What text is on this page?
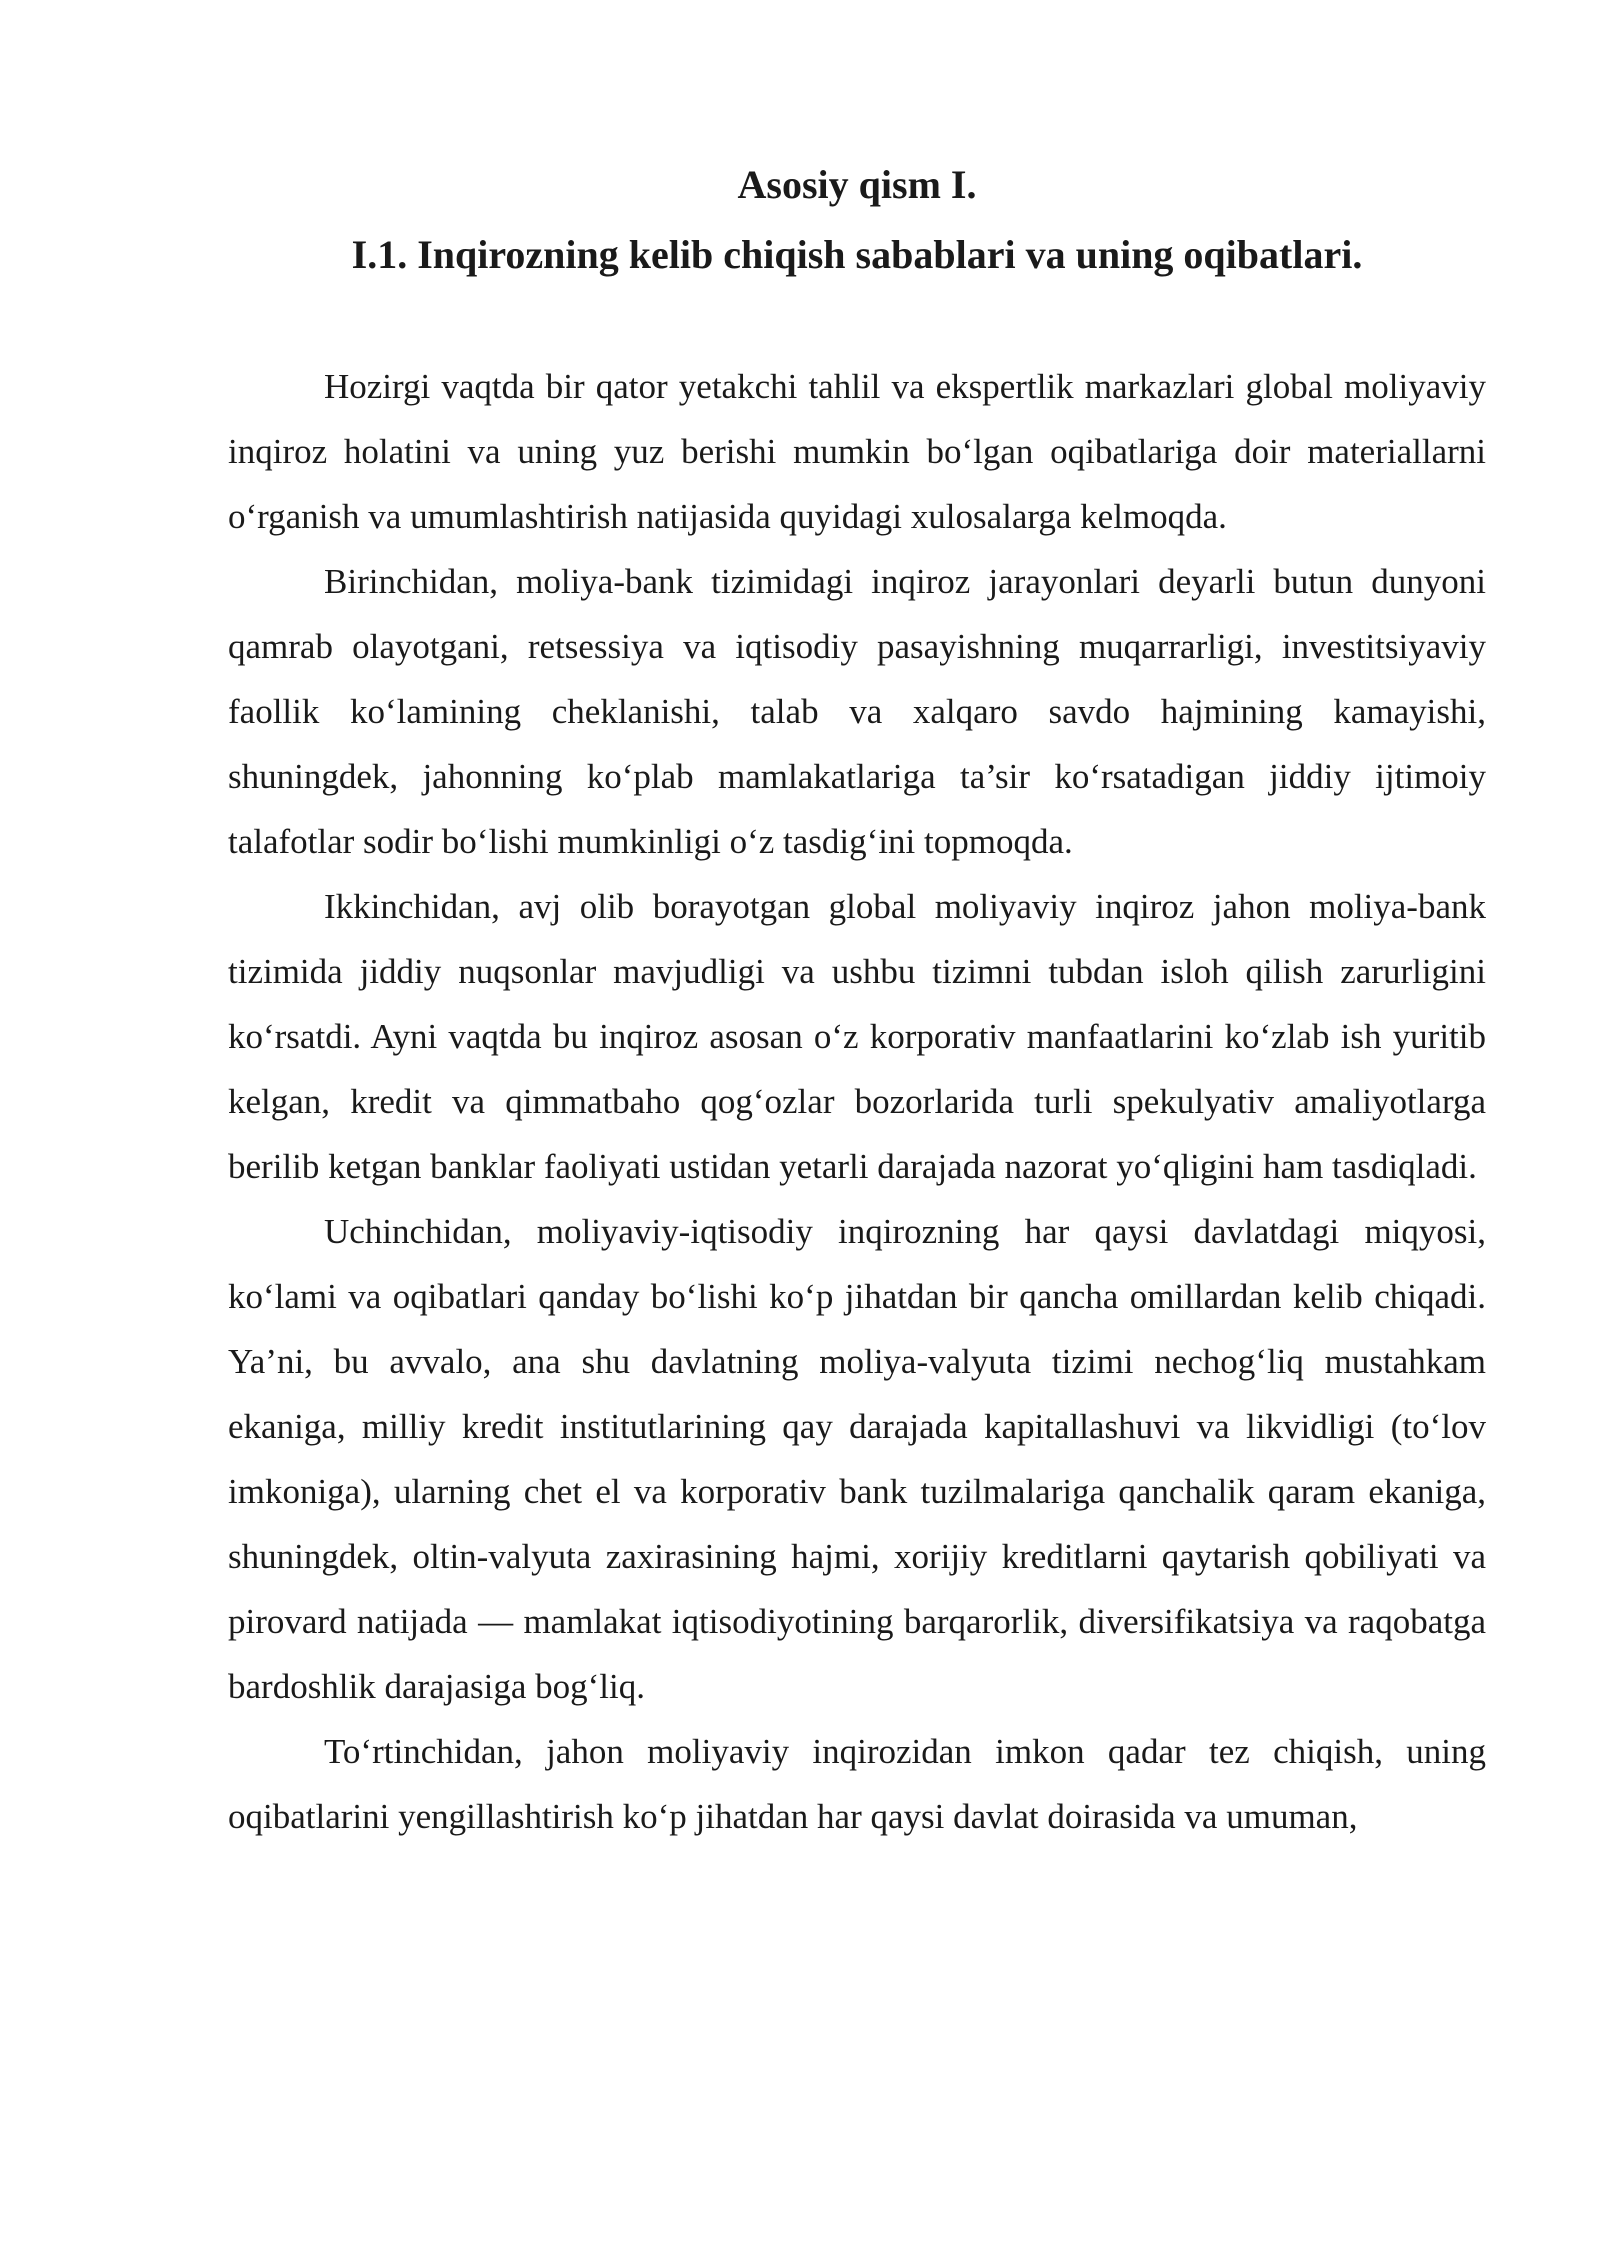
Asosiy qism I.
I.1. Inqirozning kelib chiqish sabablari va uning oqibatlari.

Hozirgi vaqtda bir qator yetakchi tahlil va ekspertlik markazlari global moliyaviy inqiroz holatini va uning yuz berishi mumkin bo‘lgan oqibatlariga doir materiallarni o‘rganish va umumlashtirish natijasida quyidagi xulosalarga kelmoqda.

Birinchidan, moliya-bank tizimidagi inqiroz jarayonlari deyarli butun dunyoni qamrab olayotgani, retsessiya va iqtisodiy pasayishning muqarrarligi, investitsiyaviy faollik ko‘lamining cheklanishi, talab va xalqaro savdo hajmining kamayishi, shuningdek, jahonning ko‘plab mamlakatlariga ta’sir ko‘rsatadigan jiddiy ijtimoiy talafotlar sodir bo‘lishi mumkinligi o‘z tasdig‘ini topmoqda.

Ikkinchidan, avj olib borayotgan global moliyaviy inqiroz jahon moliya-bank tizimida jiddiy nuqsonlar mavjudligi va ushbu tizimni tubdan isloh qilish zarurligini ko‘rsatdi. Ayni vaqtda bu inqiroz asosan o‘z korporativ manfaatlarini ko‘zlab ish yuritib kelgan, kredit va qimmatbaho qog‘ozlar bozorlarida turli spekulyativ amaliyotlarga berilib ketgan banklar faoliyati ustidan yetarli darajada nazorat yo‘qligini ham tasdiqladi.

Uchinchidan, moliyaviy-iqtisodiy inqirozning har qaysi davlatdagi miqyosi, ko‘lami va oqibatlari qanday bo‘lishi ko‘p jihatdan bir qancha omillardan kelib chiqadi. Ya’ni, bu avvalo, ana shu davlatning moliya-valyuta tizimi nechog‘liq mustahkam ekaniga, milliy kredit institutlarining qay darajada kapitallashuvi va likvidligi (to‘lov imkoniga), ularning chet el va korporativ bank tuzilmalariga qanchalik qaram ekaniga, shuningdek, oltin-valyuta zaxirasining hajmi, xorijiy kreditlarni qaytarish qobiliyati va pirovard natijada — mamlakat iqtisodiyotining barqarorlik, diversifikatsiya va raqobatga bardoshlik darajasiga bog‘liq.

To‘rtinchidan, jahon moliyaviy inqirozidan imkon qadar tez chiqish, uning oqibatlarini yengillashtirish ko‘p jihatdan har qaysi davlat doirasida va umuman,
